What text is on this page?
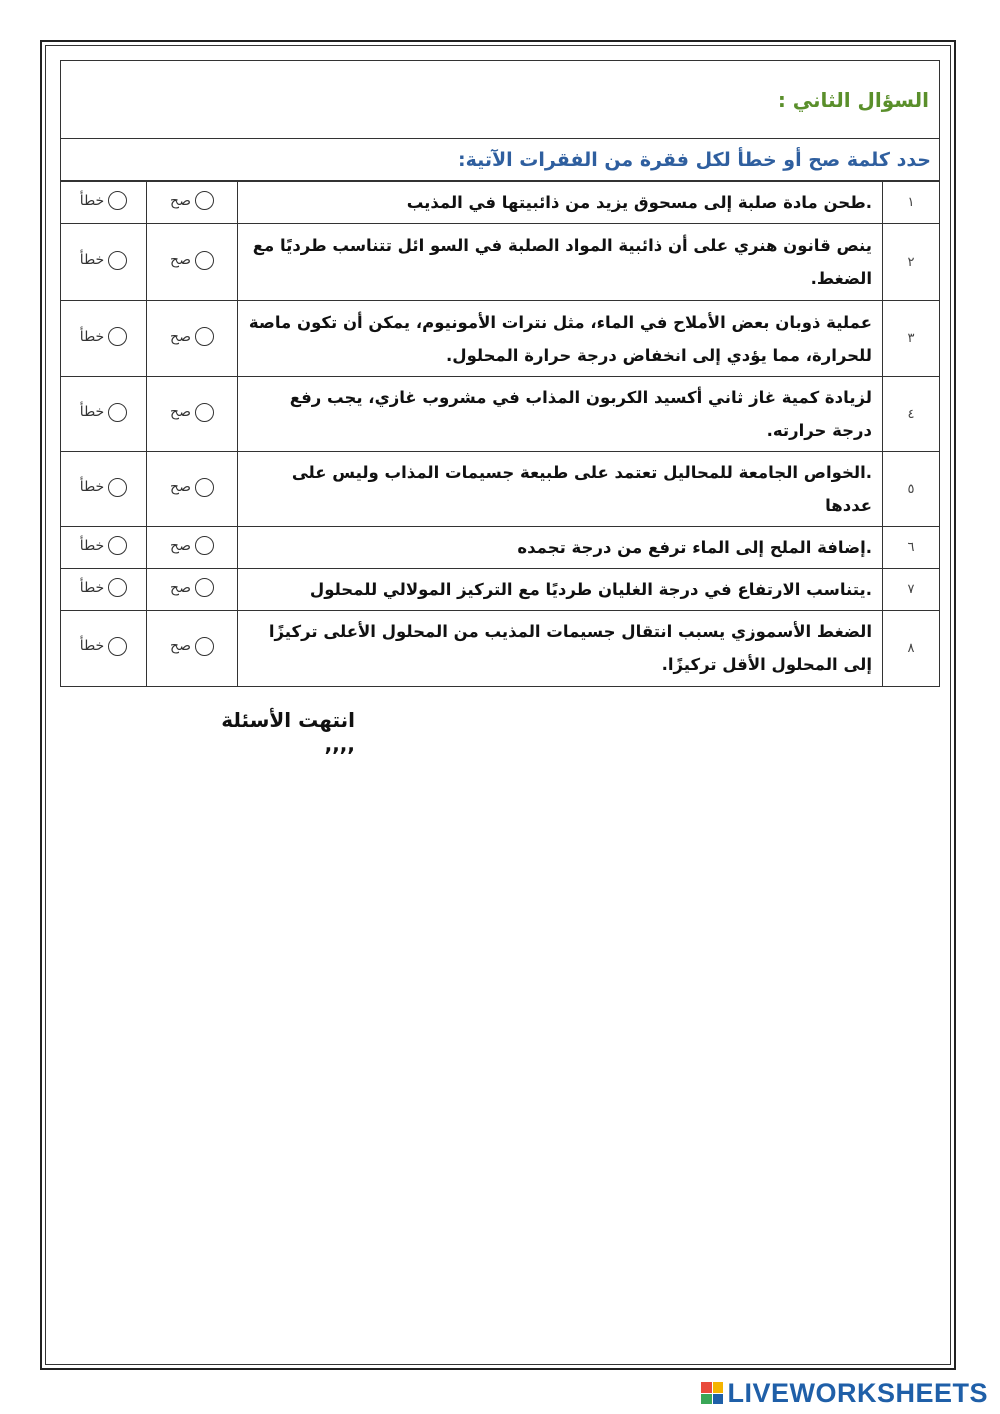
السؤال الثاني :
حدد كلمة صح أو خطأ لكل فقرة من الفقرات الآتية:
١	.طحن مادة صلبة إلى مسحوق يزيد من ذائبيتها في المذيب	صح	خطأ

٢	ينص قانون هنري على أن ذائبية المواد الصلبة في السو ائل تتناسب طرديًا مع الضغط.	صح	خطأ

٣	عملية ذوبان بعض الأملاح في الماء، مثل نترات الأمونيوم، يمكن أن تكون ماصة للحرارة، مما يؤدي إلى انخفاض درجة حرارة المحلول.	صح	خطأ

٤	لزيادة كمية غاز ثاني أكسيد الكربون المذاب في مشروب غازي، يجب رفع درجة حرارته.	صح	خطأ

٥	.الخواص الجامعة للمحاليل تعتمد على طبيعة جسيمات المذاب وليس على عددها	صح	خطأ

٦	.إضافة الملح إلى الماء ترفع من درجة تجمده	صح	خطأ

٧	.يتناسب الارتفاع في درجة الغليان طرديًا مع التركيز المولالي للمحلول	صح	خطأ

٨	الضغط الأسموزي يسبب انتقال جسيمات المذيب من المحلول الأعلى تركيزًا إلى المحلول الأقل تركيزًا.	صح	خطأ
انتهت الأسئلة ,,,,
LIVEWORKSHEETS
